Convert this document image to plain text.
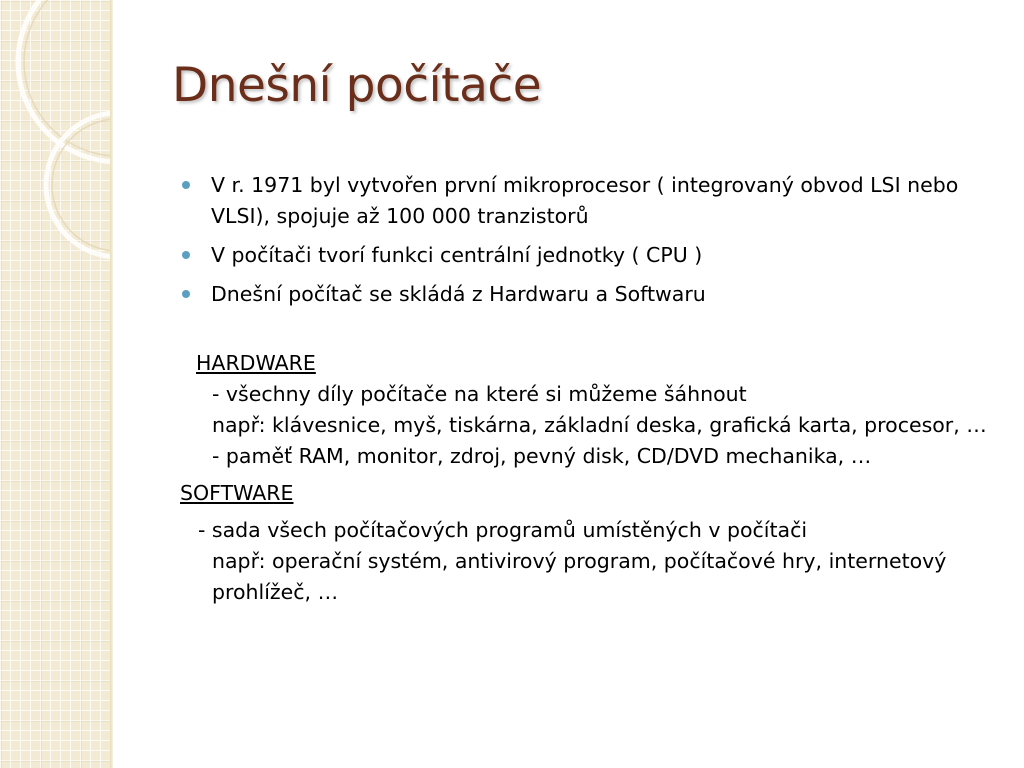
Dnešní počítače
V r. 1971 byl vytvořen první mikroprocesor ( integrovaný obvod LSI nebo VLSI), spojuje až 100 000 tranzistorů
V počítači tvorí funkci centrální jednotky ( CPU )
Dnešní počítač se skládá z Hardwaru a Softwaru
HARDWARE
- všechny díly počítače na které si můžeme šáhnout
např: klávesnice, myš, tiskárna, základní deska, grafická karta, procesor, …
- paměť RAM, monitor, zdroj, pevný disk, CD/DVD mechanika, …
SOFTWARE
- sada všech počítačových programů umístěných v počítači
např: operační systém, antivirový program, počítačové hry, internetový prohlížeč, …
